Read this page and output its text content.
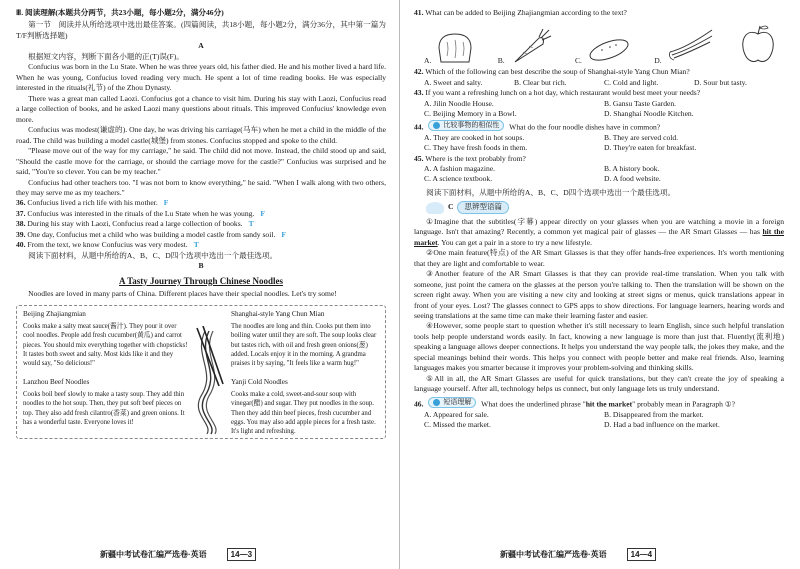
Ⅲ. 阅读理解(本题共分两节，共23小题，每小题2分，满分46分)

第一节　阅读并从所给选项中选出最佳答案。(四篇阅读，共18小题，每小题2分，满分36分，其中第一篇为T/F判断选择题)

A

根据短文内容，判断下面各小题的正(T)误(F)。

Confucius was born in the Lu State. When he was three years old, his father died. He and his mother lived a hard life. When he was young, Confucius loved reading very much. He spent a lot of time reading books. He was especially interested in the rituals(礼节) of the Zhou Dynasty.

There was a great man called Laozi. Confucius got a chance to visit him. During his stay with Laozi, Confucius read a large collection of books, and he asked Laozi many questions about rituals. This improved Confucius' knowledge even more.

Confucius was modest(谦虚的). One day, he was driving his carriage(马车) when he met a child in the middle of the road. The child was building a model castle(城堡) from stones. Confucius stopped and spoke to the child.

"Please move out of the way for my carriage," he said. The child did not move. Instead, the child stood up and said, "Should the castle move for the carriage, or should the carriage move for the castle?" Confucius was surprised and he said, "You're so clever. You can be my teacher."

Confucius had other teachers too. "I was not born to know everything," he said. "When I walk along with two others, they may serve me as my teachers."

36.
Confucius lived a rich life with his mother. F
37.
Confucius was interested in the rituals of the Lu State when he was young. F
38.
During his stay with Laozi, Confucius read a large collection of books. T
39.
One day, Confucius met a child who was building a model castle from sandy soil. F
40.
From the text, we know Confucius was very modest. T

阅读下面材料，从题中所给的A、B、C、D四个选项中选出一个最佳选项。

B

A Tasty Journey Through Chinese Noodles

Noodles are loved in many parts of China. Different places have their special noodles. Let's try some!

Beijing Zhajiangmian

Cooks make a salty meat sauce(酱汁). They pour it over cool noodles. People add fresh cucumber(黄瓜) and carrot pieces. You should mix everything together with chopsticks! It tastes both sweet and salty. Most kids like it and they would say, "So delicious!"

Shanghai-style Yang Chun Mian

The noodles are long and thin. Cooks put them into boiling water until they are soft. The soup looks clear but tastes rich, with oil and fresh green onions(葱) added. Locals enjoy it in the morning. A grandma praises it by saying, "It feels like a warm hug!"

Lanzhou Beef Noodles

Cooks boil beef slowly to make a tasty soup. They add thin noodles to the hot soup. Then, they put soft beef pieces on top. They also add fresh cilantro(香菜) and green onions. It has a wonderful taste. Everyone loves it!

Yanji Cold Noodles

Cooks make a cold, sweet-and-sour soup with vinegar(醋) and sugar. They put noodles in the soup. Then they add thin beef pieces, fresh cucumber and eggs. You may also add apple pieces for a fresh taste. It's light and refreshing.

新疆中考试卷汇编严选卷·英语	14—3

41. What can be added to Beijing Zhajiangmian according to the text?

A.	B.	C.	D.

42. Which of the following can best describe the soup of Shanghai-style Yang Chun Mian?

A. Sweet and salty.	B. Clear but rich.	C. Cold and light.	D. Sour but tasty.

43. If you want a refreshing lunch on a hot day, which restaurant would best meet your needs?

A. Jilin Noodle House.	B. Gansu Taste Garden.
C. Beijing Memory in a Bowl.	D. Shanghai Noodle Kitchen.

44.	比较事物的相似性 What do the four noodle dishes have in common?

A. They are cooked in hot soups.	B. They are served cold.
C. They have fresh foods in them.	D. They're eaten for breakfast.

45. Where is the text probably from?

A. A fashion magazine.	B. A history book.
C. A science textbook.	D. A food website.

阅读下面材料，从题中所给的A、B、C、D四个选项中选出一个最佳选项。

C	思辨型语篇

①Imagine that the subtitles(字幕) appear directly on your glasses when you are watching a movie in a foreign language. Isn't that amazing? Recently, a common yet magical pair of glasses — the AR Smart Glasses — has hit the market. You can get a pair in a store to try a new lifestyle.

②One main feature(特点) of the AR Smart Glasses is that they offer hands-free experiences. It's worth mentioning that they are light and comfortable to wear.

③Another feature of the AR Smart Glasses is that they can provide real-time translation. When you talk with someone, just point the camera on the glasses at the person you're talking to. Then the translation will be shown on the screen right away. When you are visiting a new city and looking at street signs or menus, quick translations appear in front of your eyes. Lost? The glasses connect to GPS apps to show directions. For language learners, hearing words and seeing translations at the same time can make their learning faster and easier.

④However, some people start to question whether it's still necessary to learn English, since such helpful translation tools help people understand words easily. In fact, knowing a new language is more than just that. Fluently(流利地) speaking a language allows deeper connections. It helps you understand the way people talk, the jokes they make, and the special meanings behind their words. This helps you connect with people better and make real friends. Also, learning languages makes you smarter because it improves your problem-solving and thinking skills.

⑤All in all, the AR Smart Glasses are useful for quick translations, but they can't create the joy of speaking a language yourself. After all, technology helps us connect, but only language lets us truly understand.

46.	短语理解 What does the underlined phrase "hit the market" probably mean in Paragraph ①?

A. Appeared for sale.	B. Disappeared from the market.
C. Missed the market.	D. Had a bad influence on the market.
新疆中考试卷汇编严选卷·英语	14—4
